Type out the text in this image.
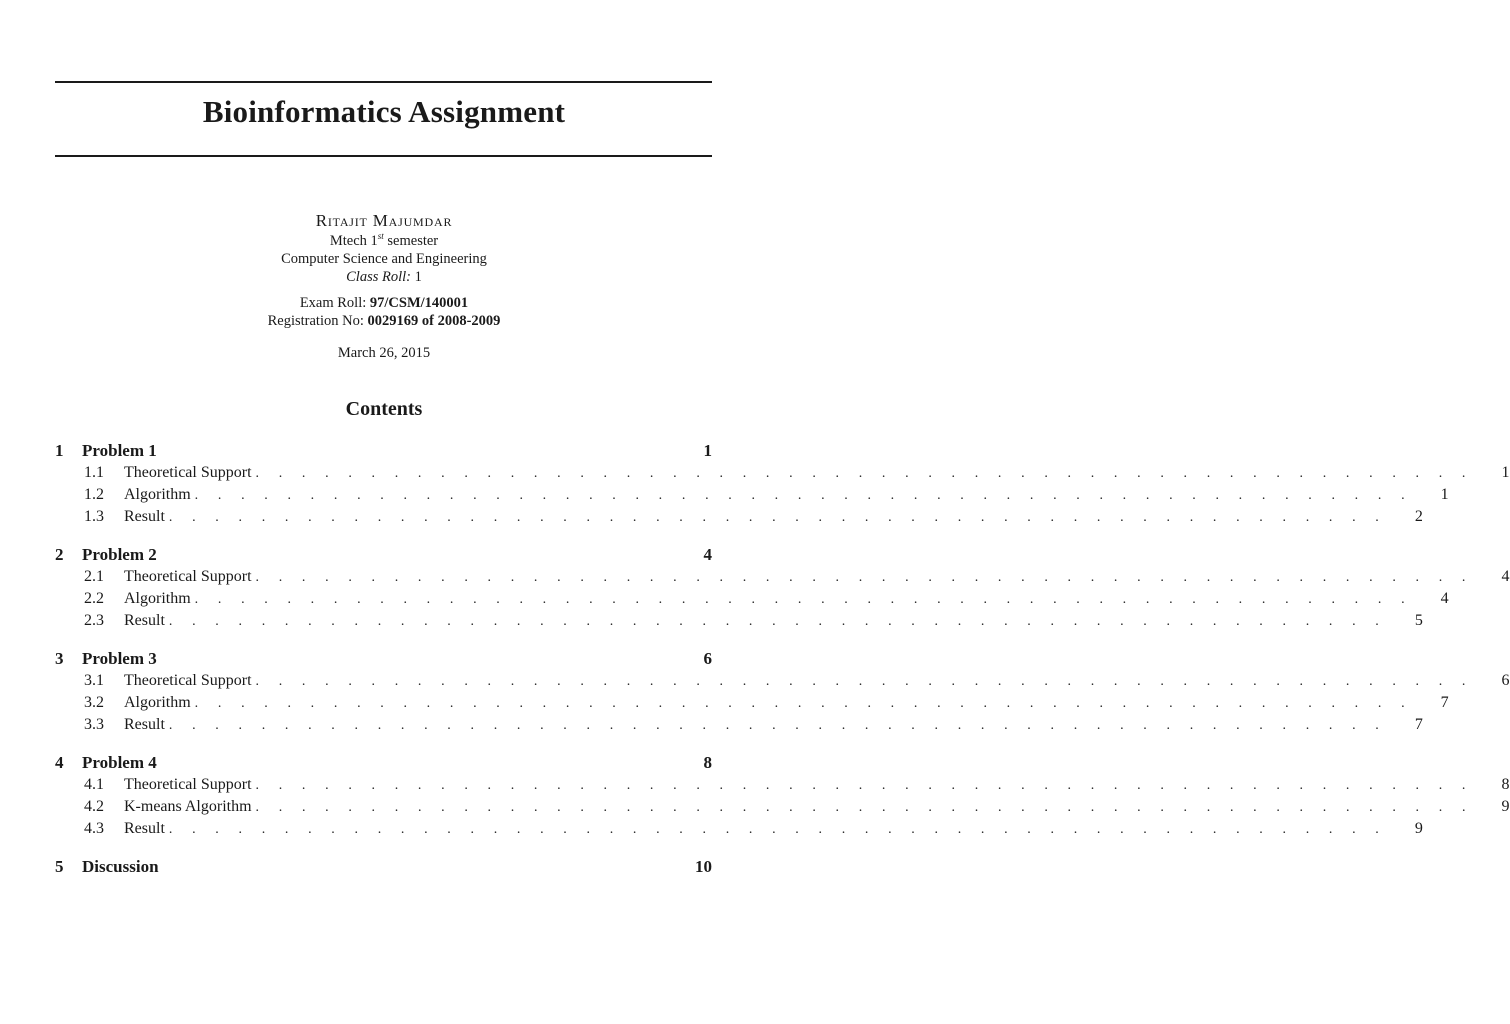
Bioinformatics Assignment
Ritajit Majumdar
Mtech 1st semester
Computer Science and Engineering
Class Roll: 1
Exam Roll: 97/CSM/140001
Registration No: 0029169 of 2008-2009
March 26, 2015
Contents
1	Problem 1	1
1.1	Theoretical Support . . . . . . . . . . . . . . . . . . . . . . . . . . . . . . . . . . . . . . . . . . . . . . . . . . . . .	1
1.2	Algorithm . . . . . . . . . . . . . . . . . . . . . . . . . . . . . . . . . . . . . . . . . . . . . . . . . . . . .	1
1.3	Result . . . . . . . . . . . . . . . . . . . . . . . . . . . . . . . . . . . . . . . . . . . . . . . . . . . . .	2
2	Problem 2	4
2.1	Theoretical Support . . . . . . . . . . . . . . . . . . . . . . . . . . . . . . . . . . . . . . . . . . . . . . . . . . . . .	4
2.2	Algorithm . . . . . . . . . . . . . . . . . . . . . . . . . . . . . . . . . . . . . . . . . . . . . . . . . . . . .	4
2.3	Result . . . . . . . . . . . . . . . . . . . . . . . . . . . . . . . . . . . . . . . . . . . . . . . . . . . . .	5
3	Problem 3	6
3.1	Theoretical Support . . . . . . . . . . . . . . . . . . . . . . . . . . . . . . . . . . . . . . . . . . . . . . . . . . . . .	6
3.2	Algorithm . . . . . . . . . . . . . . . . . . . . . . . . . . . . . . . . . . . . . . . . . . . . . . . . . . . . .	7
3.3	Result . . . . . . . . . . . . . . . . . . . . . . . . . . . . . . . . . . . . . . . . . . . . . . . . . . . . .	7
4	Problem 4	8
4.1	Theoretical Support . . . . . . . . . . . . . . . . . . . . . . . . . . . . . . . . . . . . . . . . . . . . . . . . . . . . .	8
4.2	K-means Algorithm . . . . . . . . . . . . . . . . . . . . . . . . . . . . . . . . . . . . . . . . . . . . . . . . . . . . .	9
4.3	Result . . . . . . . . . . . . . . . . . . . . . . . . . . . . . . . . . . . . . . . . . . . . . . . . . . . . .	9
5	Discussion	10
